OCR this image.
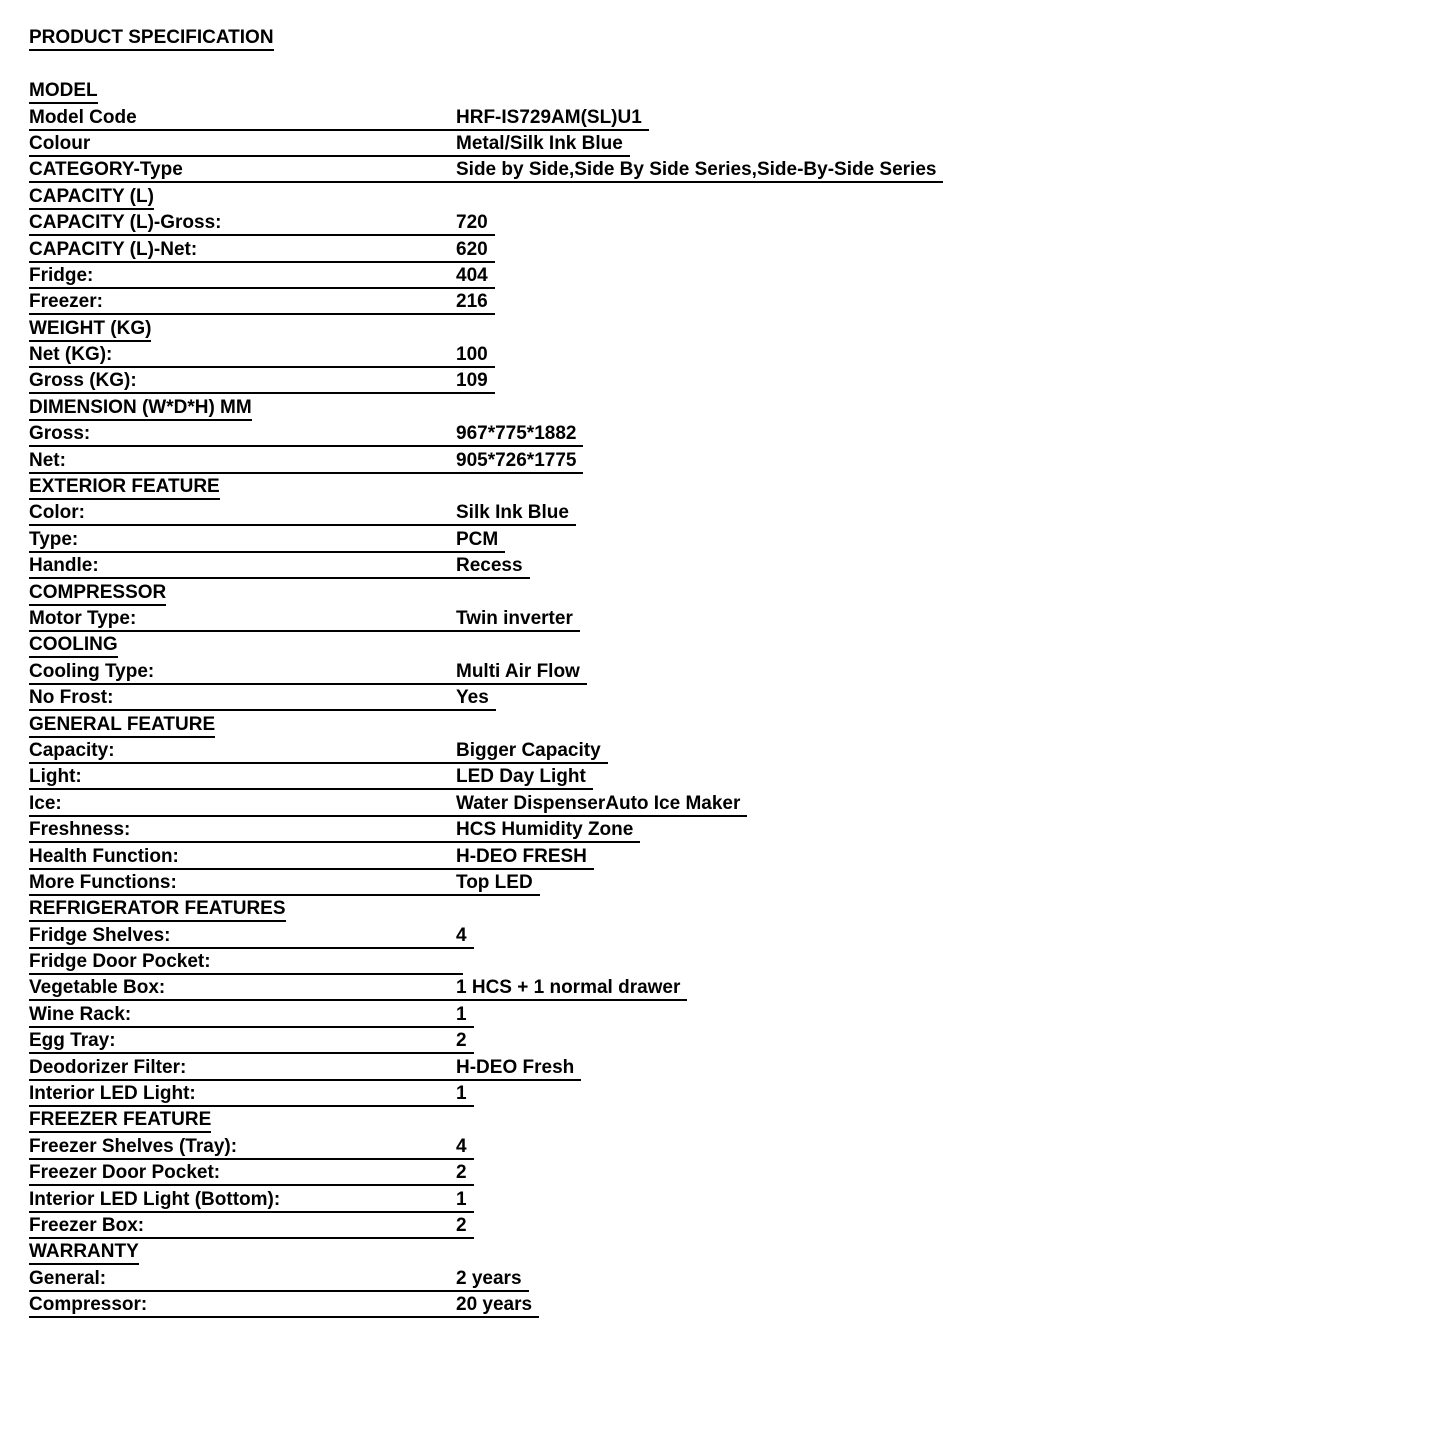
PRODUCT SPECIFICATION
MODEL
Model Code	HRF-IS729AM(SL)U1
Colour	Metal/Silk Ink Blue
CATEGORY-Type	Side by Side,Side By Side Series,Side-By-Side Series
CAPACITY (L)
CAPACITY (L)-Gross:	720
CAPACITY (L)-Net:	620
Fridge:	404
Freezer:	216
WEIGHT (KG)
Net (KG):	100
Gross (KG):	109
DIMENSION (W*D*H) MM
Gross:	967*775*1882
Net:	905*726*1775
EXTERIOR FEATURE
Color:	Silk Ink Blue
Type:	PCM
Handle:	Recess
COMPRESSOR
Motor Type:	Twin inverter
COOLING
Cooling Type:	Multi Air Flow
No Frost:	Yes
GENERAL FEATURE
Capacity:	Bigger Capacity
Light:	LED Day Light
Ice:	Water DispenserAuto Ice Maker
Freshness:	HCS Humidity Zone
Health Function:	H-DEO FRESH
More Functions:	Top LED
REFRIGERATOR FEATURES
Fridge Shelves:	4
Fridge Door Pocket:
Vegetable Box:	1 HCS + 1 normal drawer
Wine Rack:	1
Egg Tray:	2
Deodorizer Filter:	H-DEO Fresh
Interior LED Light:	1
FREEZER FEATURE
Freezer Shelves (Tray):	4
Freezer Door Pocket:	2
Interior LED Light (Bottom):	1
Freezer Box:	2
WARRANTY
General:	2 years
Compressor:	20 years
